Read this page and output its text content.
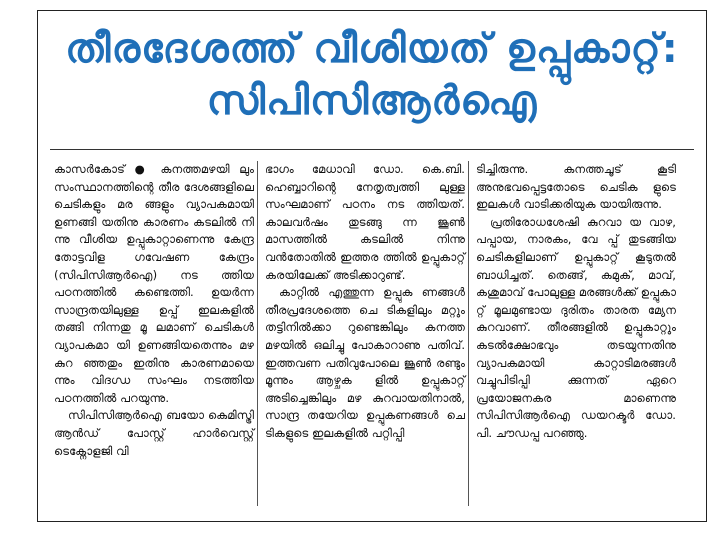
തീരദേശത്ത് വീശിയത് ഉപ്പുകാറ്റ്:
സിപിസിആര്‍ഐ

കാസര്‍കോട് ● കനത്തമഴയി ലും സംസ്ഥാനത്തിന്റെ തീര ദേശങ്ങളിലെ ചെടികളും മര ങ്ങളും വ്യാപകമായി ഉണങ്ങി യതിനു കാരണം കടലില്‍ നി ന്നു വീശിയ ഉപ്പുകാറ്റാണെന്നു കേന്ദ്ര തോട്ടവിള ഗവേഷണ കേന്ദ്രം (സിപിസിആര്‍ഐ) നട ത്തിയ പഠനത്തില്‍ കണ്ടെത്തി. ഉയര്‍ന്ന സാന്ദ്രതയിലുള്ള ഉപ്പ് ഇലകളില്‍ തങ്ങി നിന്നതു മൂ ലമാണ് ചെടികള്‍ വ്യാപകമാ യി ഉണങ്ങിയതെന്നും മഴ കുറ ഞ്ഞതും ഇതിനു കാരണമായെ ന്നും വിദഗ്ധ സംഘം നടത്തിയ പഠനത്തില്‍ പറയുന്നു.

സിപിസിആര്‍ഐ ബയോ കെമിസ്ട്രി ആന്‍ഡ് പോസ്റ്റ് ഹാര്‍വെസ്റ്റ് ടെക്നോളജി വി

ഭാഗം മേധാവി ഡോ. കെ.ബി. ഹെബ്ബാറിന്റെ നേതൃത്വത്തി ലുള്ള സംഘമാണ് പഠനം നട ത്തിയത്. കാലവര്‍ഷം തുടങ്ങു ന്ന ജൂണ്‍ മാസത്തില്‍ കടലില്‍ നിന്നു വന്‍തോതില്‍ ഇത്തര ത്തില്‍ ഉപ്പുകാറ്റ് കരയിലേക്ക് അടിക്കാറുണ്ട്.

കാറ്റില്‍ എത്തുന്ന ഉപ്പുക ണങ്ങള്‍ തീരപ്രദേശത്തെ ചെ ടികളിലും മറ്റും തട്ടിനില്‍ക്കാ റുണ്ടെങ്കിലും കനത്ത മഴയില്‍ ഒലിച്ചു പോകാറാണു പതിവ്. ഇത്തവണ പതിവുപോലെ ജൂണ്‍ രണ്ടും മൂന്നും ആഴ്ചക ളില്‍ ഉപ്പുകാറ്റ് അടിച്ചെങ്കിലും മഴ കുറവായതിനാല്‍, സാന്ദ്ര തയേറിയ ഉപ്പുകണങ്ങള്‍ ചെ ടികളുടെ ഇലകളില്‍ പറ്റിപ്പി

ടിച്ചിരുന്നു. കനത്തചൂട് കൂടി അനുഭവപ്പെട്ടതോടെ ചെടിക ളുടെ ഇലകള്‍ വാടിക്കരിയുക യായിരുന്നു.

പ്രതിരോധശേഷി കുറവാ യ വാഴ, പപ്പായ, നാരകം, വേ പ്പ് തുടങ്ങിയ ചെടികളിലാണ് ഉപ്പുകാറ്റ് കൂടുതല്‍ ബാധിച്ചത്. തെങ്ങ്, കമുക്, മാവ്, കശുമാവ് പോലുള്ള മരങ്ങള്‍ക്ക് ഉപ്പുകാ റ്റ് മൂലമുണ്ടായ ദുരിതം താരത മ്യേന കുറവാണ്. തീരങ്ങളില്‍ ഉപ്പുകാറ്റും കടല്‍ക്ഷോഭവും തടയുന്നതിനു വ്യാപകമായി കാറ്റാടിമരങ്ങള്‍ വച്ചുപിടിപ്പി ക്കുന്നത് ഏറെ പ്രയോജനകര മാണെന്നു സിപിസിആര്‍ഐ ഡയറക്ടര്‍ ഡോ. പി. ചൗഡപ്പ പറഞ്ഞു.
